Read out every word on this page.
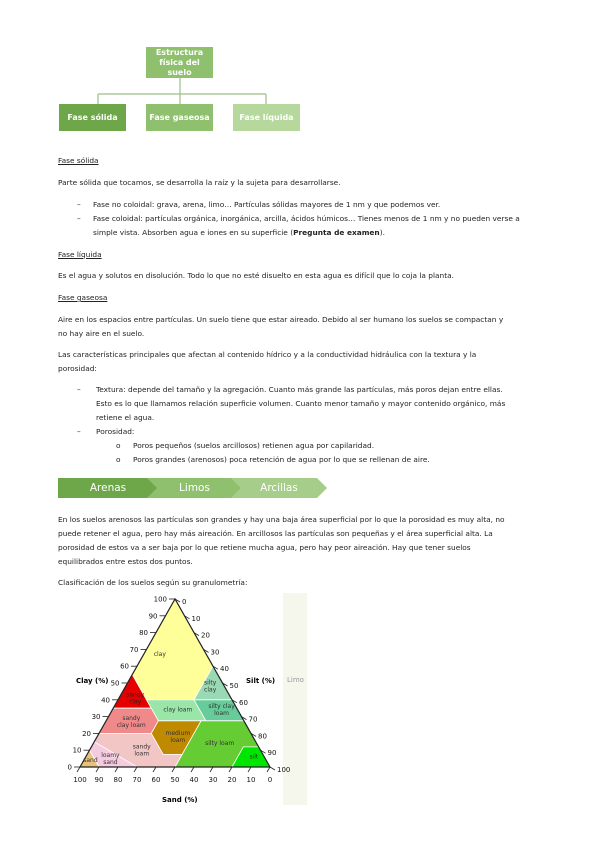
Estructura física del suelo
Fase sólida	Fase gaseosa	Fase líquida
Fase sólida
Parte sólida que tocamos, se desarrolla la raíz y la sujeta para desarrollarse.
– Fase no coloidal: grava, arena, limo… Partículas sólidas mayores de 1 nm y que podemos ver.
– Fase coloidal: partículas orgánica, inorgánica, arcilla, ácidos húmicos… Tienes menos de 1 nm y no pueden verse a
simple vista. Absorben agua e iones en su superficie (Pregunta de examen).
Fase líquida
Es el agua y solutos en disolución. Todo lo que no esté disuelto en esta agua es difícil que lo coja la planta.
Fase gaseosa
Aire en los espacios entre partículas. Un suelo tiene que estar aireado. Debido al ser humano los suelos se compactan y
no hay aire en el suelo.
Las características principales que afectan al contenido hídrico y a la conductividad hidráulica con la textura y la
porosidad:
– Textura: depende del tamaño y la agregación. Cuanto más grande las partículas, más poros dejan entre ellas.
Esto es lo que llamamos relación superficie volumen. Cuanto menor tamaño y mayor contenido orgánico, más
retiene el agua.
– Porosidad:
o Poros pequeños (suelos arcillosos) retienen agua por capilaridad.
o Poros grandes (arenosos) poca retención de agua por lo que se rellenan de aire.
Arenas	Limos	Arcillas
En los suelos arenosos las partículas son grandes y hay una baja área superficial por lo que la porosidad es muy alta, no
puede retener el agua, pero hay más aireación. En arcillosos las partículas son pequeñas y el área superficial alta. La
porosidad de estos va a ser baja por lo que retiene mucha agua, pero hay peor aireación. Hay que tener suelos
equilibrados entre estos dos puntos.
Clasificación de los suelos según su granulometría:
Limo
0
0
100
10
10
90
20
20
80
30
30
70
40
40
60
50	50
50
60
60
40
70
70
30
80
80
20
90
90
10
100
100
0
clay
silty clay
sandy clay
clay loam	silty clay loam
sandy clay loam
medium loam	silty loam
silt
sandy loam
loamy sand
sand
Clay (%)	Silt (%)
Sand (%)
